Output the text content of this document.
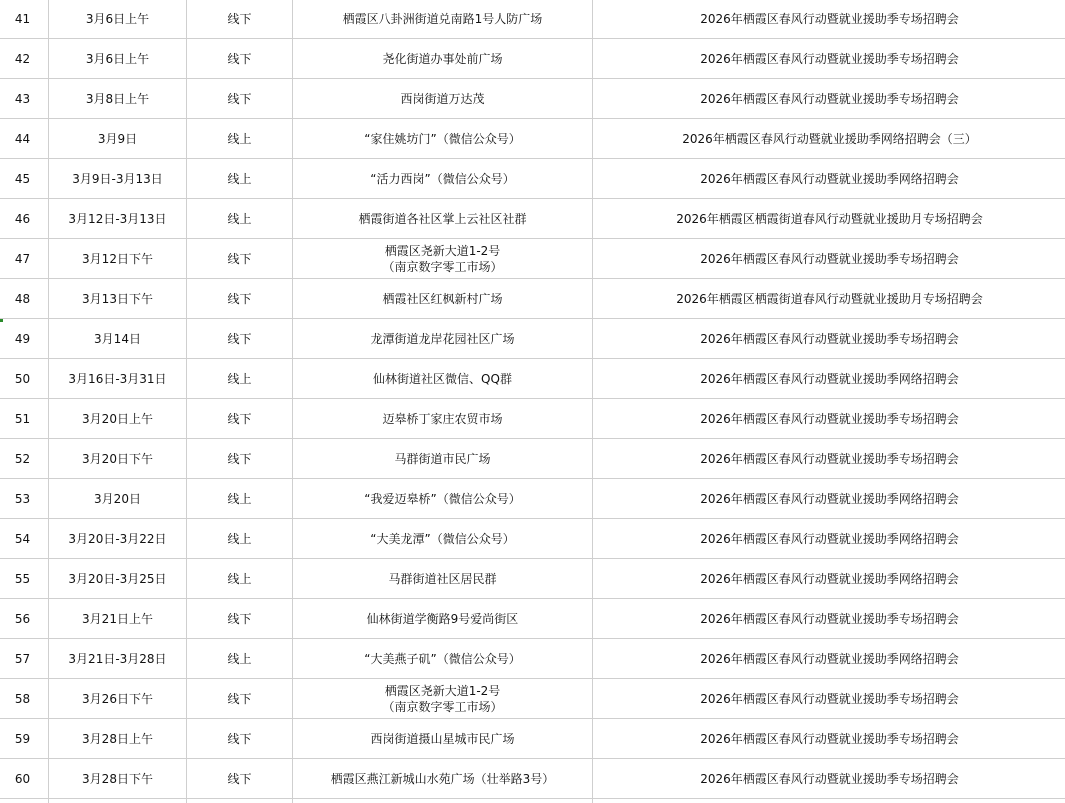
41	3月6日上午	线下	栖霞区八卦洲街道兑南路1号人防广场	2026年栖霞区春风行动暨就业援助季专场招聘会
42	3月6日上午	线下	尧化街道办事处前广场	2026年栖霞区春风行动暨就业援助季专场招聘会
43	3月8日上午	线下	西岗街道万达茂	2026年栖霞区春风行动暨就业援助季专场招聘会
44	3月9日	线上	“家住姚坊门”（微信公众号）	2026年栖霞区春风行动暨就业援助季网络招聘会（三）
45	3月9日-3月13日	线上	“活力西岗”（微信公众号）	2026年栖霞区春风行动暨就业援助季网络招聘会
46	3月12日-3月13日	线上	栖霞街道各社区掌上云社区社群	2026年栖霞区栖霞街道春风行动暨就业援助月专场招聘会
47	3月12日下午	线下	栖霞区尧新大道1-2号
（南京数字零工市场）	2026年栖霞区春风行动暨就业援助季专场招聘会
48	3月13日下午	线下	栖霞社区红枫新村广场	2026年栖霞区栖霞街道春风行动暨就业援助月专场招聘会
49	3月14日	线下	龙潭街道龙岸花园社区广场	2026年栖霞区春风行动暨就业援助季专场招聘会
50	3月16日-3月31日	线上	仙林街道社区微信、QQ群	2026年栖霞区春风行动暨就业援助季网络招聘会
51	3月20日上午	线下	迈皋桥丁家庄农贸市场	2026年栖霞区春风行动暨就业援助季专场招聘会
52	3月20日下午	线下	马群街道市民广场	2026年栖霞区春风行动暨就业援助季专场招聘会
53	3月20日	线上	“我爱迈皋桥”（微信公众号）	2026年栖霞区春风行动暨就业援助季网络招聘会
54	3月20日-3月22日	线上	“大美龙潭”（微信公众号）	2026年栖霞区春风行动暨就业援助季网络招聘会
55	3月20日-3月25日	线上	马群街道社区居民群	2026年栖霞区春风行动暨就业援助季网络招聘会
56	3月21日上午	线下	仙林街道学衡路9号爱尚街区	2026年栖霞区春风行动暨就业援助季专场招聘会
57	3月21日-3月28日	线上	“大美燕子矶”（微信公众号）	2026年栖霞区春风行动暨就业援助季网络招聘会
58	3月26日下午	线下	栖霞区尧新大道1-2号
（南京数字零工市场）	2026年栖霞区春风行动暨就业援助季专场招聘会
59	3月28日上午	线下	西岗街道摄山星城市民广场	2026年栖霞区春风行动暨就业援助季专场招聘会
60	3月28日下午	线下	栖霞区燕江新城山水苑广场（壮举路3号）	2026年栖霞区春风行动暨就业援助季专场招聘会
